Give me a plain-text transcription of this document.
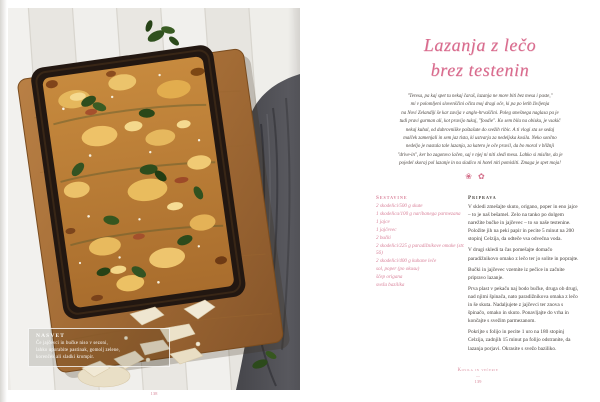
NASVET
Če jajčevci in bučke niso v sezoni,
lahko uporabite pastinak, gomolj zelene,
korenček ali sladki krompir.
138
Lazanja z lečo
brez testenin
"Teresa, pa kaj spet tu nekaj čaraš, lazanja ne more biti bez mesa i paste,"
mi v polomljeni slovenščini očita moj dragi oče, ki pa po letih življenja
na Novi Zelandiji še kar zavija v anglo-hrvaščini. Poleg smešnega naglasa pa je
tudi pravi gurman ali, kot pravijo tukaj, "foodie". Ko sem bila na obisku, je vsakič
nekaj kuhal, od dubrovniške paštašute do svežih ribic. A ti vlogi sta se sedaj
malček zamenjali in sem jaz tista, ki ustvarja za nedeljska kosila. Neko sončno
nedeljo je nastala tale lazanja, za katero je oče pravil, da bo moral v bližnji
"drive-in", ker bo zagotovo lačen, saj v njej ni niti sledi mesa. Lahko si mislite, da je
pojedel skoraj pol lazanje in na sladico ni hotel niti pomisliti. Zmaga je spet moja!
❀✿
Sestavine
2 skodelici/500 g skute
1 skodelica/100 g naribanega parmezana
1 jajce
1 jajčevec
2 bučki
2 skodelici/225 g paradižnikove omake (str. 56)
2 skodelici/400 g kuhane leče
sol, poper (po okusu)
ščep origana
sveža bazilika
Priprava

V skledi zmešajte skuto, origano, poper in eno jajce – to je naš bešamel. Zelo na tanko po dolgem narežite bučke in jajčevec – to so naše testenine. Položite jih na peki papir in pecite 5 minut na 200 stopinj Celzija, da odteče vsa odvečna voda.

V drugi skledi ta čas pomešajte domačo paradižnikovo omako z lečo ter jo solite in poprajte.

Bučki in jajčevec vzemite iz pečice in začnite pripravo lazanje.

Prva plast v pekaču naj bodo bučke, druga ob drugi, nad njimi špinača, nato paradižnikova omaka z lečo in še skuta. Nadaljujete z jajčevci ter znova s špinačo, omako in skuto. Ponavljajte do vrha in končajte s svežim parmezanom.

Pokrijte s folijo in pecite 1 uro na 180 stopinj Celzija, zadnjih 15 minut pa folijo odstranite, da lazanja porjavi. Okrasite s svežo baziliko.

Kosila in večerje
—
139
